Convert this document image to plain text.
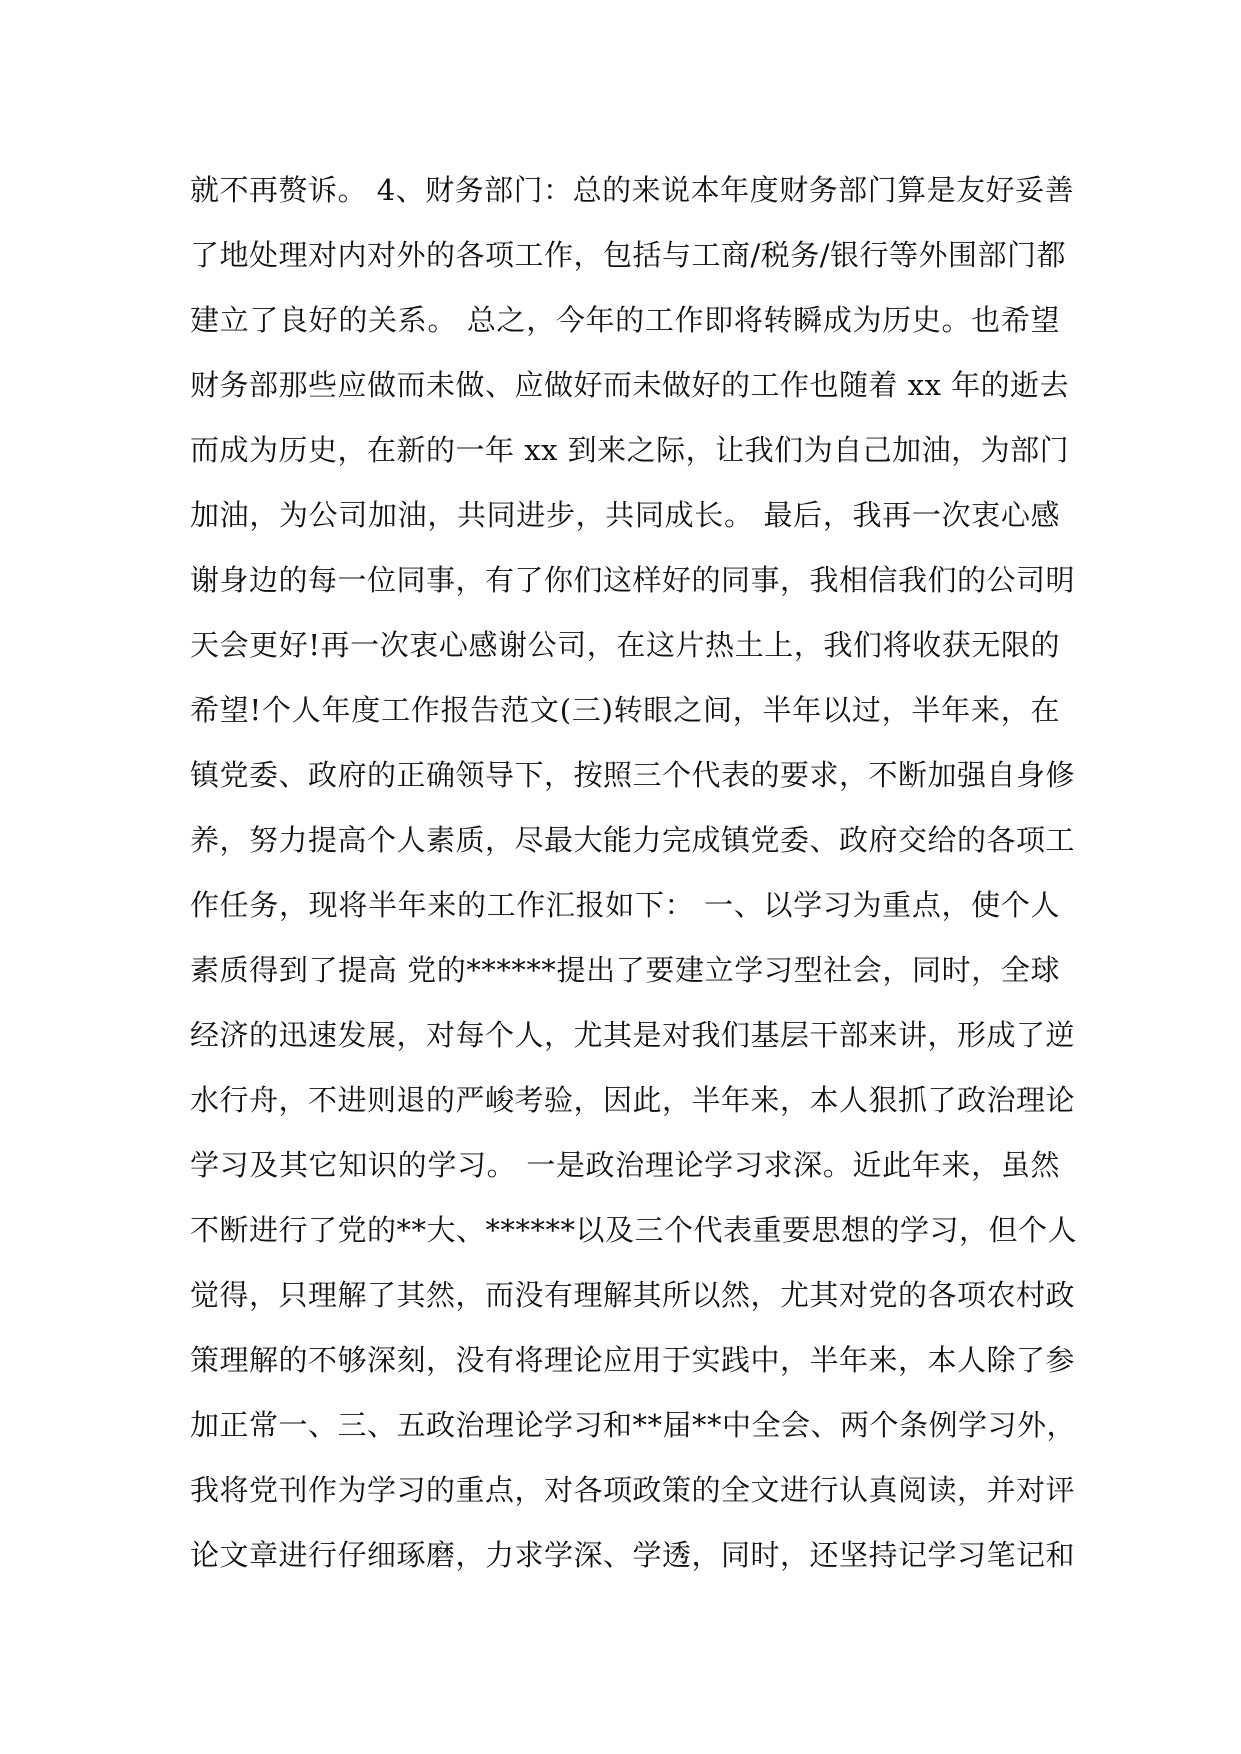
就不再赘诉。 4、财务部门：总的来说本年度财务部门算是友好妥善
了地处理对内对外的各项工作，包括与工商/税务/银行等外围部门都
建立了良好的关系。 总之，今年的工作即将转瞬成为历史。也希望
财务部那些应做而未做、应做好而未做好的工作也随着 xx 年的逝去
而成为历史，在新的一年 xx 到来之际，让我们为自己加油，为部门
加油，为公司加油，共同进步，共同成长。 最后，我再一次衷心感
谢身边的每一位同事，有了你们这样好的同事，我相信我们的公司明
天会更好!再一次衷心感谢公司，在这片热土上，我们将收获无限的
希望!个人年度工作报告范文(三)转眼之间，半年以过，半年来，在
镇党委、政府的正确领导下，按照三个代表的要求，不断加强自身修
养，努力提高个人素质，尽最大能力完成镇党委、政府交给的各项工
作任务，现将半年来的工作汇报如下： 一、以学习为重点，使个人
素质得到了提高 党的******提出了要建立学习型社会，同时，全球
经济的迅速发展，对每个人，尤其是对我们基层干部来讲，形成了逆
水行舟，不进则退的严峻考验，因此，半年来，本人狠抓了政治理论
学习及其它知识的学习。 一是政治理论学习求深。近此年来，虽然
不断进行了党的**大、******以及三个代表重要思想的学习，但个人
觉得，只理解了其然，而没有理解其所以然，尤其对党的各项农村政
策理解的不够深刻，没有将理论应用于实践中，半年来，本人除了参
加正常一、三、五政治理论学习和**届**中全会、两个条例学习外，
我将党刊作为学习的重点，对各项政策的全文进行认真阅读，并对评
论文章进行仔细琢磨，力求学深、学透，同时，还坚持记学习笔记和
